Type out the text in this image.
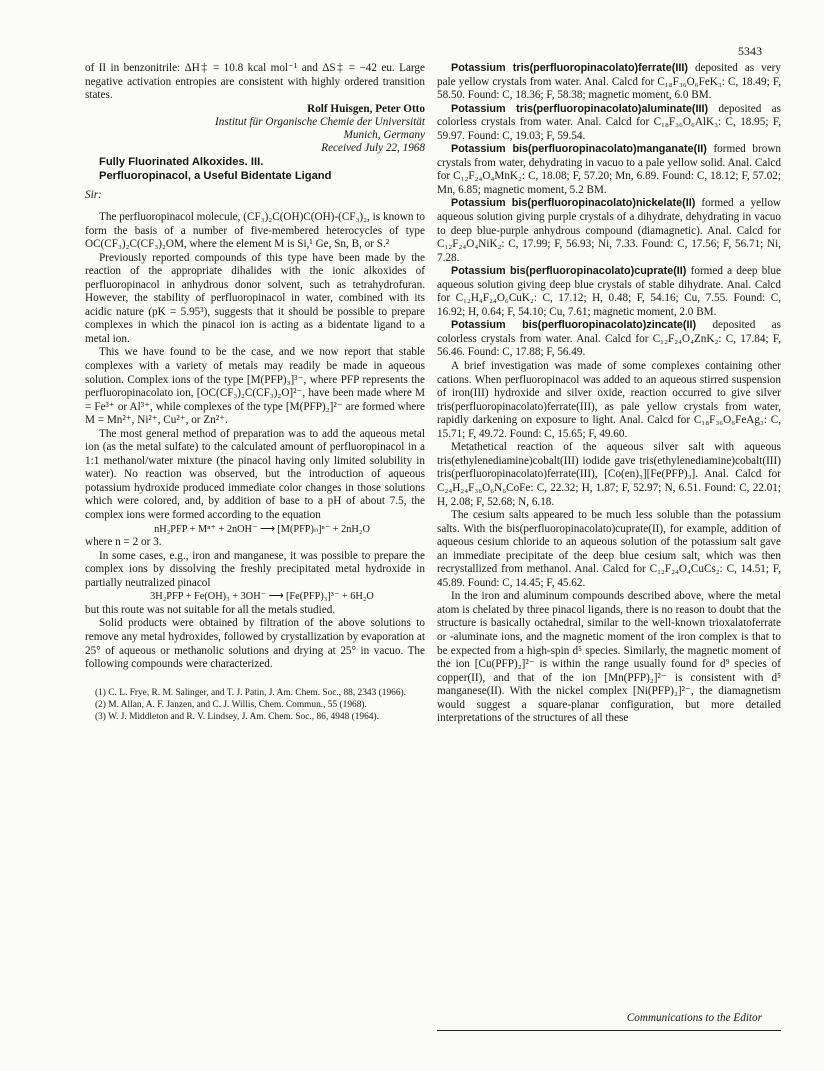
5343

of II in benzonitrile: ΔH‡ = 10.8 kcal mol⁻¹ and ΔS‡ = −42 eu. Large negative activation entropies are consistent with highly ordered transition states.

Rolf Huisgen, Peter Otto

Institut für Organische Chemie der Universität

Munich, Germany

Received July 22, 1968

Fully Fluorinated Alkoxides. III.

Perfluoropinacol, a Useful Bidentate Ligand

Sir:

The perfluoropinacol molecule, (CF₃)₂C(OH)C(OH)-(CF₃)₂, is known to form the basis of a number of five-membered heterocycles of type OC(CF₃)₂C(CF₃)₂OM, where the element M is Si,¹ Ge, Sn, B, or S.²

Previously reported compounds of this type have been made by the reaction of the appropriate dihalides with the ionic alkoxides of perfluoropinacol in anhydrous donor solvent, such as tetrahydrofuran. However, the stability of perfluoropinacol in water, combined with its acidic nature (pK = 5.95³), suggests that it should be possible to prepare complexes in which the pinacol ion is acting as a bidentate ligand to a metal ion.

This we have found to be the case, and we now report that stable complexes with a variety of metals may readily be made in aqueous solution. Complex ions of the type [M(PFP)₃]³⁻, where PFP represents the perfluoropinacolato ion, [OC(CF₃)₂C(CF₃)₂O]²⁻, have been made where M = Fe³⁺ or Al³⁺, while complexes of the type [M(PFP)₂]²⁻ are formed where M = Mn²⁺, Ni²⁺, Cu²⁺, or Zn²⁺.

The most general method of preparation was to add the aqueous metal ion (as the metal sulfate) to the calculated amount of perfluoropinacol in a 1:1 methanol/water mixture (the pinacol having only limited solubility in water). No reaction was observed, but the introduction of aqueous potassium hydroxide produced immediate color changes in those solutions which were colored, and, by addition of base to a pH of about 7.5, the complex ions were formed according to the equation

nH₂PFP + Mⁿ⁺ + 2nOH⁻ ⟶ [M(PFP)ₙ]ⁿ⁻ + 2nH₂O

where n = 2 or 3.

In some cases, e.g., iron and manganese, it was possible to prepare the complex ions by dissolving the freshly precipitated metal hydroxide in partially neutralized pinacol

3H₂PFP + Fe(OH)₃ + 3OH⁻ ⟶ [Fe(PFP)₃]³⁻ + 6H₂O

but this route was not suitable for all the metals studied.

Solid products were obtained by filtration of the above solutions to remove any metal hydroxides, followed by crystallization by evaporation at 25° of aqueous or methanolic solutions and drying at 25° in vacuo. The following compounds were characterized.

(1) C. L. Frye, R. M. Salinger, and T. J. Patin, J. Am. Chem. Soc., 88, 2343 (1966).

(2) M. Allan, A. F. Janzen, and C. J. Willis, Chem. Commun., 55 (1968).

(3) W. J. Middleton and R. V. Lindsey, J. Am. Chem. Soc., 86, 4948 (1964).

Potassium tris(perfluoropinacolato)ferrate(III) deposited as very pale yellow crystals from water. Anal. Calcd for C₁₈F₃₆O₆FeK₃: C, 18.49; F, 58.50. Found: C, 18.36; F, 58.38; magnetic moment, 6.0 BM.

Potassium tris(perfluoropinacolato)aluminate(III) deposited as colorless crystals from water. Anal. Calcd for C₁₈F₃₆O₆AlK₃: C, 18.95; F, 59.97. Found: C, 19.03; F, 59.54.

Potassium bis(perfluoropinacolato)manganate(II) formed brown crystals from water, dehydrating in vacuo to a pale yellow solid. Anal. Calcd for C₁₂F₂₄O₄MnK₂: C, 18.08; F, 57.20; Mn, 6.89. Found: C, 18.12; F, 57.02; Mn, 6.85; magnetic moment, 5.2 BM.

Potassium bis(perfluoropinacolato)nickelate(II) formed a yellow aqueous solution giving purple crystals of a dihydrate, dehydrating in vacuo to deep blue-purple anhydrous compound (diamagnetic). Anal. Calcd for C₁₂F₂₄O₄NiK₂: C, 17.99; F, 56.93; Ni, 7.33. Found: C, 17.56; F, 56.71; Ni, 7.28.

Potassium bis(perfluoropinacolato)cuprate(II) formed a deep blue aqueous solution giving deep blue crystals of stable dihydrate. Anal. Calcd for C₁₂H₄F₂₄O₆CuK₂: C, 17.12; H, 0.48; F, 54.16; Cu, 7.55. Found: C, 16.92; H, 0.64; F, 54.10; Cu, 7.61; magnetic moment, 2.0 BM.

Potassium bis(perfluoropinacolato)zincate(II) deposited as colorless crystals from water. Anal. Calcd for C₁₂F₂₄O₄ZnK₂: C, 17.84; F, 56.46. Found: C, 17.88; F, 56.49.

A brief investigation was made of some complexes containing other cations. When perfluoropinacol was added to an aqueous stirred suspension of iron(III) hydroxide and silver oxide, reaction occurred to give silver tris(perfluoropinacolato)ferrate(III), as pale yellow crystals from water, rapidly darkening on exposure to light. Anal. Calcd for C₁₈F₃₆O₆FeAg₃: C, 15.71; F, 49.72. Found: C, 15.65; F, 49.60.

Metathetical reaction of the aqueous silver salt with aqueous tris(ethylenediamine)cobalt(III) iodide gave tris(ethylenediamine)cobalt(III) tris(perfluoropinacolato)ferrate(III), [Co(en)₃][Fe(PFP)₃]. Anal. Calcd for C₂₄H₂₄F₃₆O₆N₆CoFe: C, 22.32; H, 1.87; F, 52.97; N, 6.51. Found: C, 22.01; H, 2.08; F, 52.68; N, 6.18.

The cesium salts appeared to be much less soluble than the potassium salts. With the bis(perfluoropinacolato)cuprate(II), for example, addition of aqueous cesium chloride to an aqueous solution of the potassium salt gave an immediate precipitate of the deep blue cesium salt, which was then recrystallized from methanol. Anal. Calcd for C₁₂F₂₄O₄CuCs₂: C, 14.51; F, 45.89. Found: C, 14.45; F, 45.62.

In the iron and aluminum compounds described above, where the metal atom is chelated by three pinacol ligands, there is no reason to doubt that the structure is basically octahedral, similar to the well-known trioxalatoferrate or -aluminate ions, and the magnetic moment of the iron complex is that to be expected from a high-spin d⁵ species. Similarly, the magnetic moment of the ion [Cu(PFP)₂]²⁻ is within the range usually found for d⁹ species of copper(II), and that of the ion [Mn(PFP)₂]²⁻ is consistent with d⁵ manganese(II). With the nickel complex [Ni(PFP)₂]²⁻, the diamagnetism would suggest a square-planar configuration, but more detailed interpretations of the structures of all these

Communications to the Editor
